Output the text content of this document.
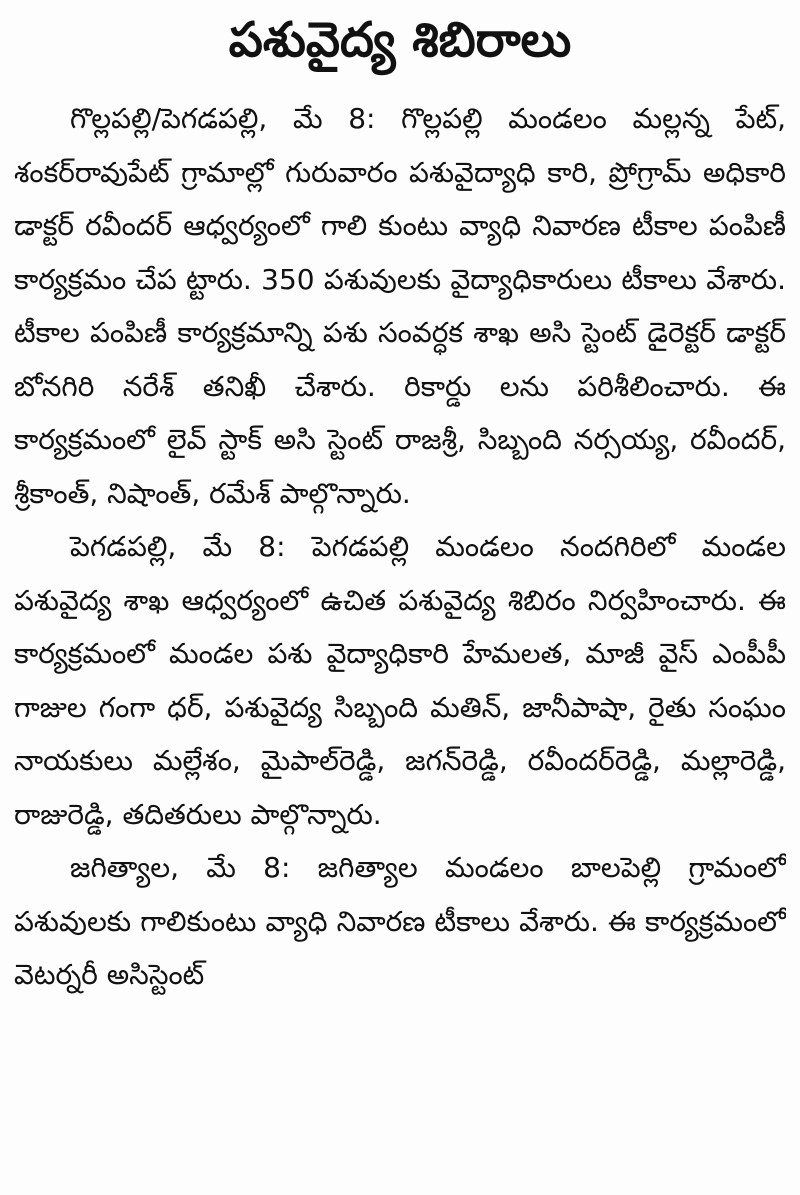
పశువైద్య శిబిరాలు

గొల్లపల్లి/పెగడపల్లి, మే 8: గొల్లపల్లి మండలం మల్లన్న పేట్, శంకర్‌రావుపేట్ గ్రామాల్లో గురువారం పశువైద్యాధి కారి, ప్రోగ్రామ్ అధికారి డాక్టర్ రవీందర్ ఆధ్వర్యంలో గాలి కుంటు వ్యాధి నివారణ టీకాల పంపిణీ కార్యక్రమం చేప ట్టారు. 350 పశువులకు వైద్యాధికారులు టీకాలు వేశారు. టీకాల పంపిణీ కార్యక్రమాన్ని పశు సంవర్ధక శాఖ అసి స్టెంట్ డైరెక్టర్ డాక్టర్ బోనగిరి నరేశ్ తనిఖీ చేశారు. రికార్డు లను పరిశీలించారు. ఈ కార్యక్రమంలో లైవ్ స్టాక్ అసి స్టెంట్ రాజశ్రీ, సిబ్బంది నర్సయ్య, రవీందర్, శ్రీకాంత్, నిషాంత్, రమేశ్ పాల్గొన్నారు.

పెగడపల్లి, మే 8: పెగడపల్లి మండలం నందగిరిలో మండల పశువైద్య శాఖ ఆధ్వర్యంలో ఉచిత పశువైద్య శిబిరం నిర్వహించారు. ఈ కార్యక్రమంలో మండల పశు వైద్యాధికారి హేమలత, మాజీ వైస్ ఎంపీపీ గాజుల గంగా ధర్, పశువైద్య సిబ్బంది మతిన్, జానీపాషా, రైతు సంఘం నాయకులు మల్లేశం, మైపాల్‌రెడ్డి, జగన్‌రెడ్డి, రవీందర్‌రెడ్డి, మల్లారెడ్డి, రాజురెడ్డి, తదితరులు పాల్గొన్నారు.

జగిత్యాల, మే 8: జగిత్యాల మండలం బాలపెల్లి గ్రామంలో పశువులకు గాలికుంటు వ్యాధి నివారణ టీకాలు వేశారు. ఈ కార్యక్రమంలో వెటర్నరీ అసిస్టెంట్
